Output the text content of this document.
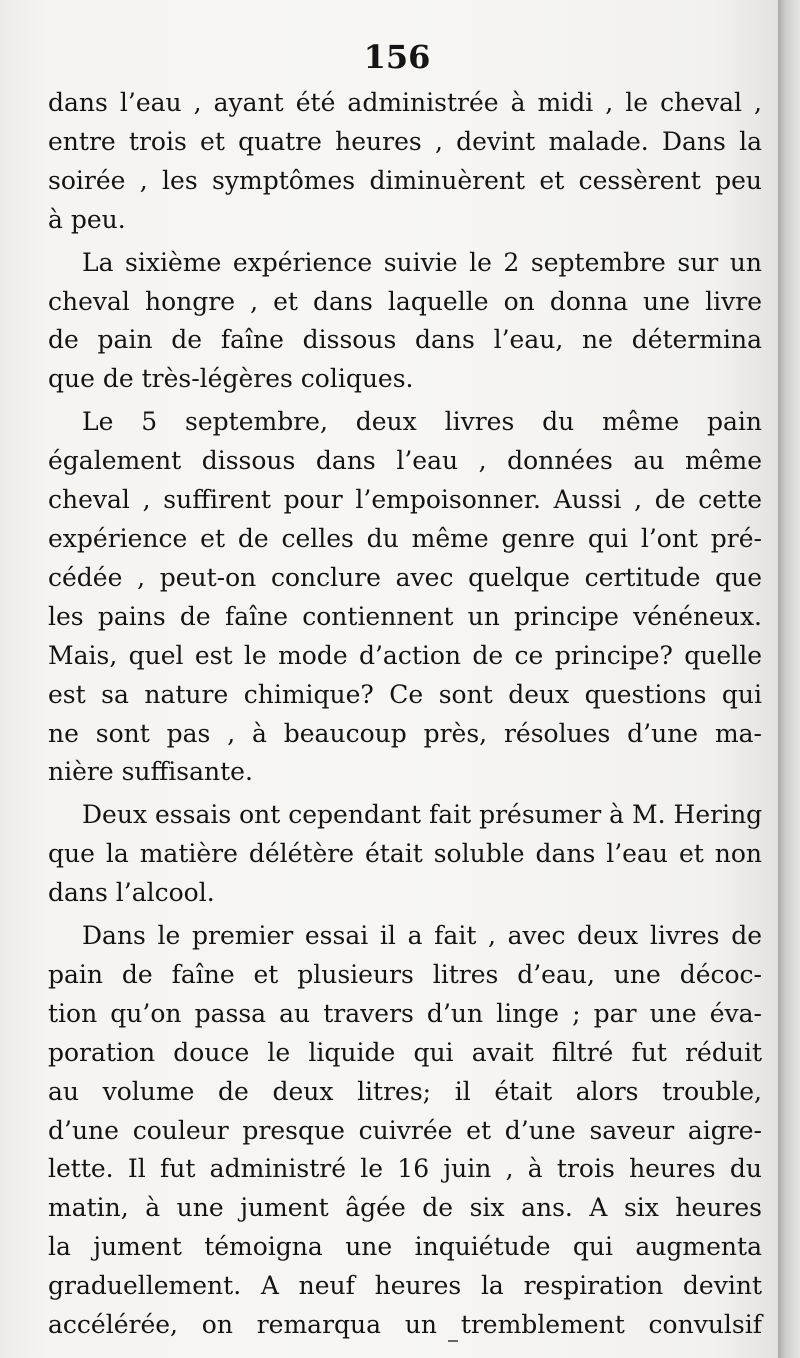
156
dans l’eau , ayant été administrée à midi , le cheval ,
entre trois et quatre heures , devint malade. Dans la
soirée , les symptômes diminuèrent et cessèrent peu
à peu.
La sixième expérience suivie le 2 septembre sur un
cheval hongre , et dans laquelle on donna une livre
de pain de faîne dissous dans l’eau, ne détermina
que de très-légères coliques.
Le 5 septembre, deux livres du même pain
également dissous dans l’eau , données au même
cheval , suffirent pour l’empoisonner. Aussi , de cette
expérience et de celles du même genre qui l’ont pré-
cédée , peut-on conclure avec quelque certitude que
les pains de faîne contiennent un principe vénéneux.
Mais, quel est le mode d’action de ce principe? quelle
est sa nature chimique? Ce sont deux questions qui
ne sont pas , à beaucoup près, résolues d’une ma-
nière suffisante.
Deux essais ont cependant fait présumer à M. Hering
que la matière délétère était soluble dans l’eau et non
dans l’alcool.
Dans le premier essai il a fait , avec deux livres de
pain de faîne et plusieurs litres d’eau, une décoc-
tion qu’on passa au travers d’un linge ; par une éva-
poration douce le liquide qui avait filtré fut réduit
au volume de deux litres; il était alors trouble,
d’une couleur presque cuivrée et d’une saveur aigre-
lette. Il fut administré le 16 juin , à trois heures du
matin, à une jument âgée de six ans. A six heures
la jument témoigna une inquiétude qui augmenta
graduellement. A neuf heures la respiration devint
accélérée, on remarqua un tremblement convulsif
